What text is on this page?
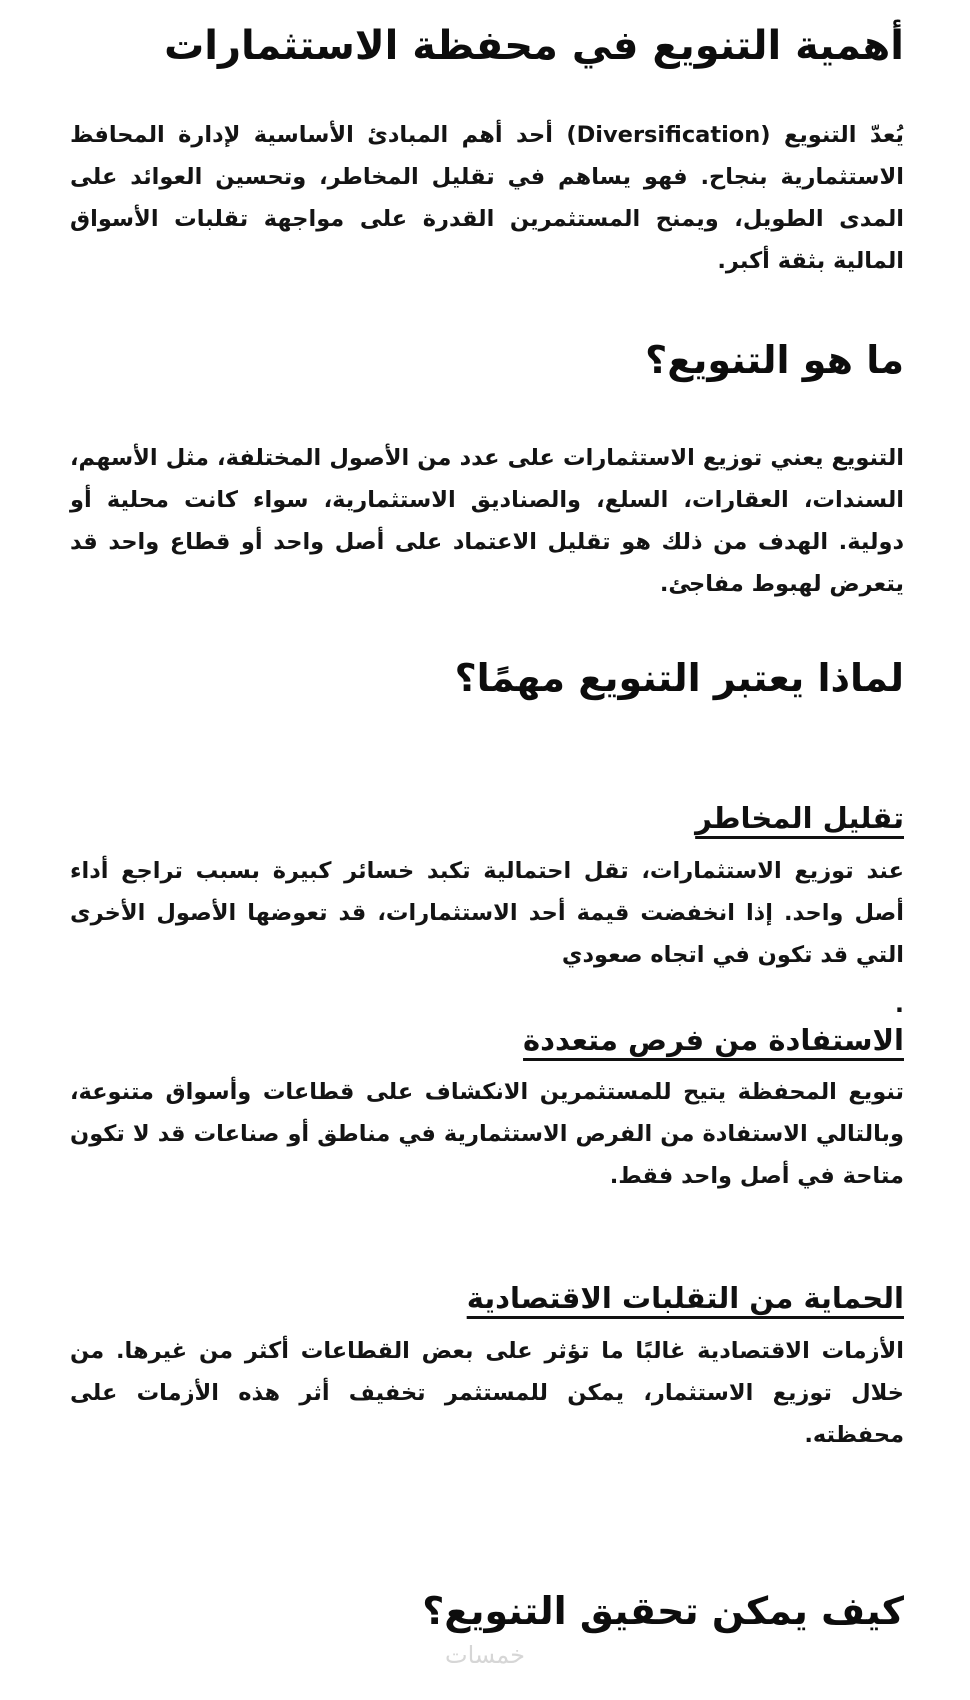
أهمية التنويع في محفظة الاستثمارات

يُعدّ التنويع (Diversification) أحد أهم المبادئ الأساسية لإدارة المحافظ الاستثمارية بنجاح. فهو يساهم في تقليل المخاطر، وتحسين العوائد على المدى الطويل، ويمنح المستثمرين القدرة على مواجهة تقلبات الأسواق المالية بثقة أكبر.

ما هو التنويع؟

التنويع يعني توزيع الاستثمارات على عدد من الأصول المختلفة، مثل الأسهم، السندات، العقارات، السلع، والصناديق الاستثمارية، سواء كانت محلية أو دولية. الهدف من ذلك هو تقليل الاعتماد على أصل واحد أو قطاع واحد قد يتعرض لهبوط مفاجئ.

لماذا يعتبر التنويع مهمًا؟
تقليل المخاطر

عند توزيع الاستثمارات، تقل احتمالية تكبد خسائر كبيرة بسبب تراجع أداء أصل واحد. إذا انخفضت قيمة أحد الاستثمارات، قد تعوضها الأصول الأخرى التي قد تكون في اتجاه صعودي

.
الاستفادة من فرص متعددة

تنويع المحفظة يتيح للمستثمرين الانكشاف على قطاعات وأسواق متنوعة، وبالتالي الاستفادة من الفرص الاستثمارية في مناطق أو صناعات قد لا تكون متاحة في أصل واحد فقط.

الحماية من التقلبات الاقتصادية

الأزمات الاقتصادية غالبًا ما تؤثر على بعض القطاعات أكثر من غيرها. من خلال توزيع الاستثمار، يمكن للمستثمر تخفيف أثر هذه الأزمات على محفظته.

كيف يمكن تحقيق التنويع؟
خمسات
